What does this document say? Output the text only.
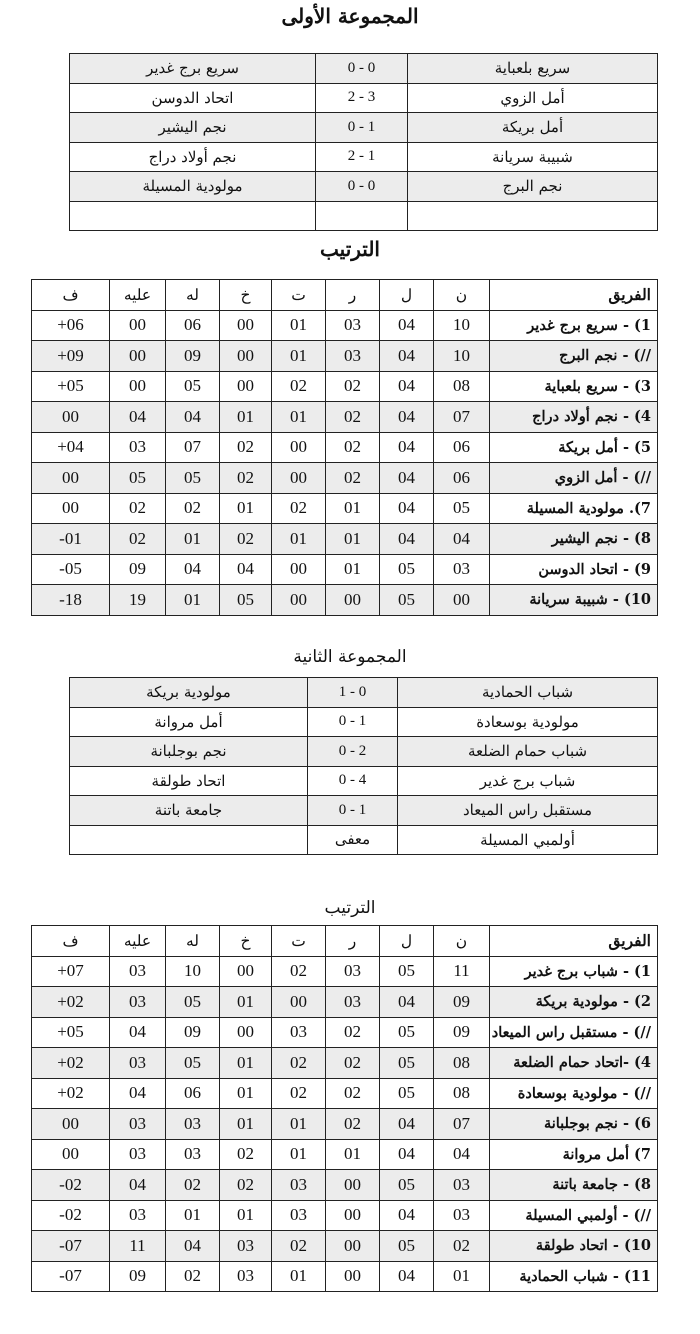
المجموعة الأولى
سريع بلعباية	0 - 0	سريع برج غدير
أمل الزوي	3 - 2	اتحاد الدوسن
أمل بريكة	1 - 0	نجم اليشير
شبيبة سريانة	1 - 2	نجم أولاد دراج
نجم البرج	0 - 0	مولودية المسيلة

الترتيب
الفريق	ن	ل	ر	ت	خ	له	عليه	ف
1) - سريع برج غدير	10	04	03	01	00	06	00	06+
//) - نجم البرج	10	04	03	01	00	09	00	09+
3) - سريع بلعباية	08	04	02	02	00	05	00	05+
4) - نجم أولاد دراج	07	04	02	01	01	04	04	00
5) - أمل بريكة	06	04	02	00	02	07	03	04+
//) - أمل الزوي	06	04	02	00	02	05	05	00
7). مولودية المسيلة	05	04	01	02	01	02	02	00
8) - نجم اليشير	04	04	01	01	02	01	02	01-
9) - اتحاد الدوسن	03	05	01	00	04	04	09	05-
10) - شبيبة سريانة	00	05	00	00	05	01	19	18-
المجموعة الثانية
شباب الحمادية	0 - 1	مولودية بريكة
مولودية بوسعادة	1 - 0	أمل مروانة
شباب حمام الضلعة	2 - 0	نجم بوجلبانة
شباب برج غدير	4 - 0	اتحاد طولقة
مستقبل راس الميعاد	1 - 0	جامعة باتنة
أولمبي المسيلة	معفى	
الترتيب
الفريق	ن	ل	ر	ت	خ	له	عليه	ف
1) - شباب برج غدير	11	05	03	02	00	10	03	07+
2) - مولودية بريكة	09	04	03	00	01	05	03	02+
//) - مستقبل راس الميعاد	09	05	02	03	00	09	04	05+
4) -اتحاد حمام الضلعة	08	05	02	02	01	05	03	02+
//) - مولودية بوسعادة	08	05	02	02	01	06	04	02+
6) - نجم بوجلبانة	07	04	02	01	01	03	03	00
7) أمل مروانة	04	04	01	01	02	03	03	00
8) - جامعة باتنة	03	05	00	03	02	02	04	02-
//) - أولمبي المسيلة	03	04	00	03	01	01	03	02-
10) - اتحاد طولقة	02	05	00	02	03	04	11	07-
11) - شباب الحمادية	01	04	00	01	03	02	09	07-
